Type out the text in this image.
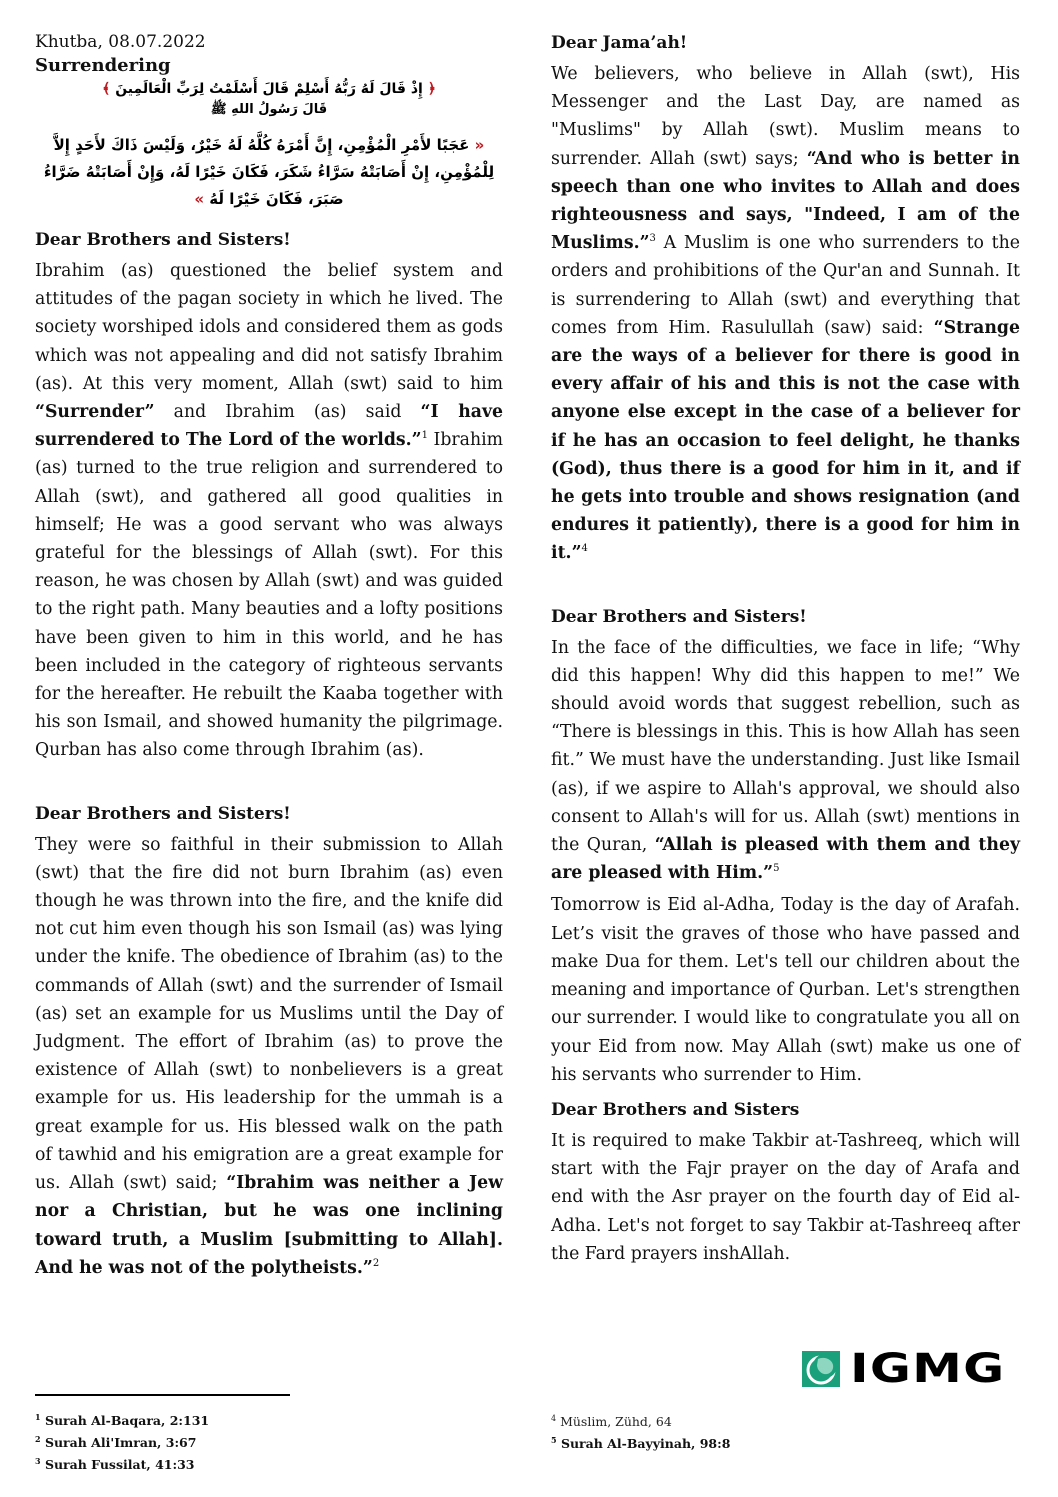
Khutba, 08.07.2022

Surrendering

﴿ إِذْ قَالَ لَهُ رَبُّهُ أَسْلِمْ قَالَ أَسْلَمْتُ لِرَبِّ الْعَالَمِينَ ﴾

قَالَ رَسُولُ اللهِ ﷺ

« عَجَبًا لأَمْرِ الْمُؤْمِنِ، إِنَّ أَمْرَهُ كُلَّهُ لَهُ خَيْرٌ، وَلَيْسَ ذَاكَ لأَحَدٍ إِلاَّ لِلْمُؤْمِنِ، إِنْ أَصَابَتْهُ سَرَّاءُ شَكَرَ، فَكَانَ خَيْرًا لَهُ، وَإِنْ أَصَابَتْهُ ضَرَّاءُ صَبَرَ، فَكَانَ خَيْرًا لَهُ »

Dear Brothers and Sisters!

Ibrahim (as) questioned the belief system and attitudes of the pagan society in which he lived. The society worshiped idols and considered them as gods which was not appealing and did not satisfy Ibrahim (as). At this very moment, Allah (swt) said to him “Surrender” and Ibrahim (as) said “I have surrendered to The Lord of the worlds.”$^1$ Ibrahim (as) turned to the true religion and surrendered to Allah (swt), and gathered all good qualities in himself; He was a good servant who was always grateful for the blessings of Allah (swt). For this reason, he was chosen by Allah (swt) and was guided to the right path. Many beauties and a lofty positions have been given to him in this world, and he has been included in the category of righteous servants for the hereafter. He rebuilt the Kaaba together with his son Ismail, and showed humanity the pilgrimage. Qurban has also come through Ibrahim (as).

Dear Brothers and Sisters!

They were so faithful in their submission to Allah (swt) that the fire did not burn Ibrahim (as) even though he was thrown into the fire, and the knife did not cut him even though his son Ismail (as) was lying under the knife. The obedience of Ibrahim (as) to the commands of Allah (swt) and the surrender of Ismail (as) set an example for us Muslims until the Day of Judgment. The effort of Ibrahim (as) to prove the existence of Allah (swt) to nonbelievers is a great example for us. His leadership for the ummah is a great example for us. His blessed walk on the path of tawhid and his emigration are a great example for us. Allah (swt) said; “Ibrahim was neither a Jew nor a Christian, but he was one inclining toward truth, a Muslim [submitting to Allah]. And he was not of the polytheists.”$^2$

Dear Jama’ah!

We believers, who believe in Allah (swt), His Messenger and the Last Day, are named as "Muslims" by Allah (swt). Muslim means to surrender. Allah (swt) says; “And who is better in speech than one who invites to Allah and does righteousness and says, "Indeed, I am of the Muslims.”$^3$ A Muslim is one who surrenders to the orders and prohibitions of the Qur'an and Sunnah. It is surrendering to Allah (swt) and everything that comes from Him. Rasulullah (saw) said: “Strange are the ways of a believer for there is good in every affair of his and this is not the case with anyone else except in the case of a believer for if he has an occasion to feel delight, he thanks (God), thus there is a good for him in it, and if he gets into trouble and shows resignation (and endures it patiently), there is a good for him in it.”$^4$

Dear Brothers and Sisters!

In the face of the difficulties, we face in life; “Why did this happen! Why did this happen to me!” We should avoid words that suggest rebellion, such as “There is blessings in this. This is how Allah has seen fit.” We must have the understanding. Just like Ismail (as), if we aspire to Allah's approval, we should also consent to Allah's will for us. Allah (swt) mentions in the Quran, “Allah is pleased with them and they are pleased with Him.”$^5$

Tomorrow is Eid al-Adha, Today is the day of Arafah. Let’s visit the graves of those who have passed and make Dua for them. Let's tell our children about the meaning and importance of Qurban. Let's strengthen our surrender. I would like to congratulate you all on your Eid from now. May Allah (swt) make us one of his servants who surrender to Him.

Dear Brothers and Sisters

It is required to make Takbir at-Tashreeq, which will start with the Fajr prayer on the day of Arafa and end with the Asr prayer on the fourth day of Eid al-Adha. Let's not forget to say Takbir at-Tashreeq after the Fard prayers inshAllah.

IGMG

$^1$ Surah Al-Baqara, 2:131

$^2$ Surah Ali'Imran, 3:67

$^3$ Surah Fussilat, 41:33

$^4$ Müslim, Zühd, 64

$^5$ Surah Al-Bayyinah, 98:8
